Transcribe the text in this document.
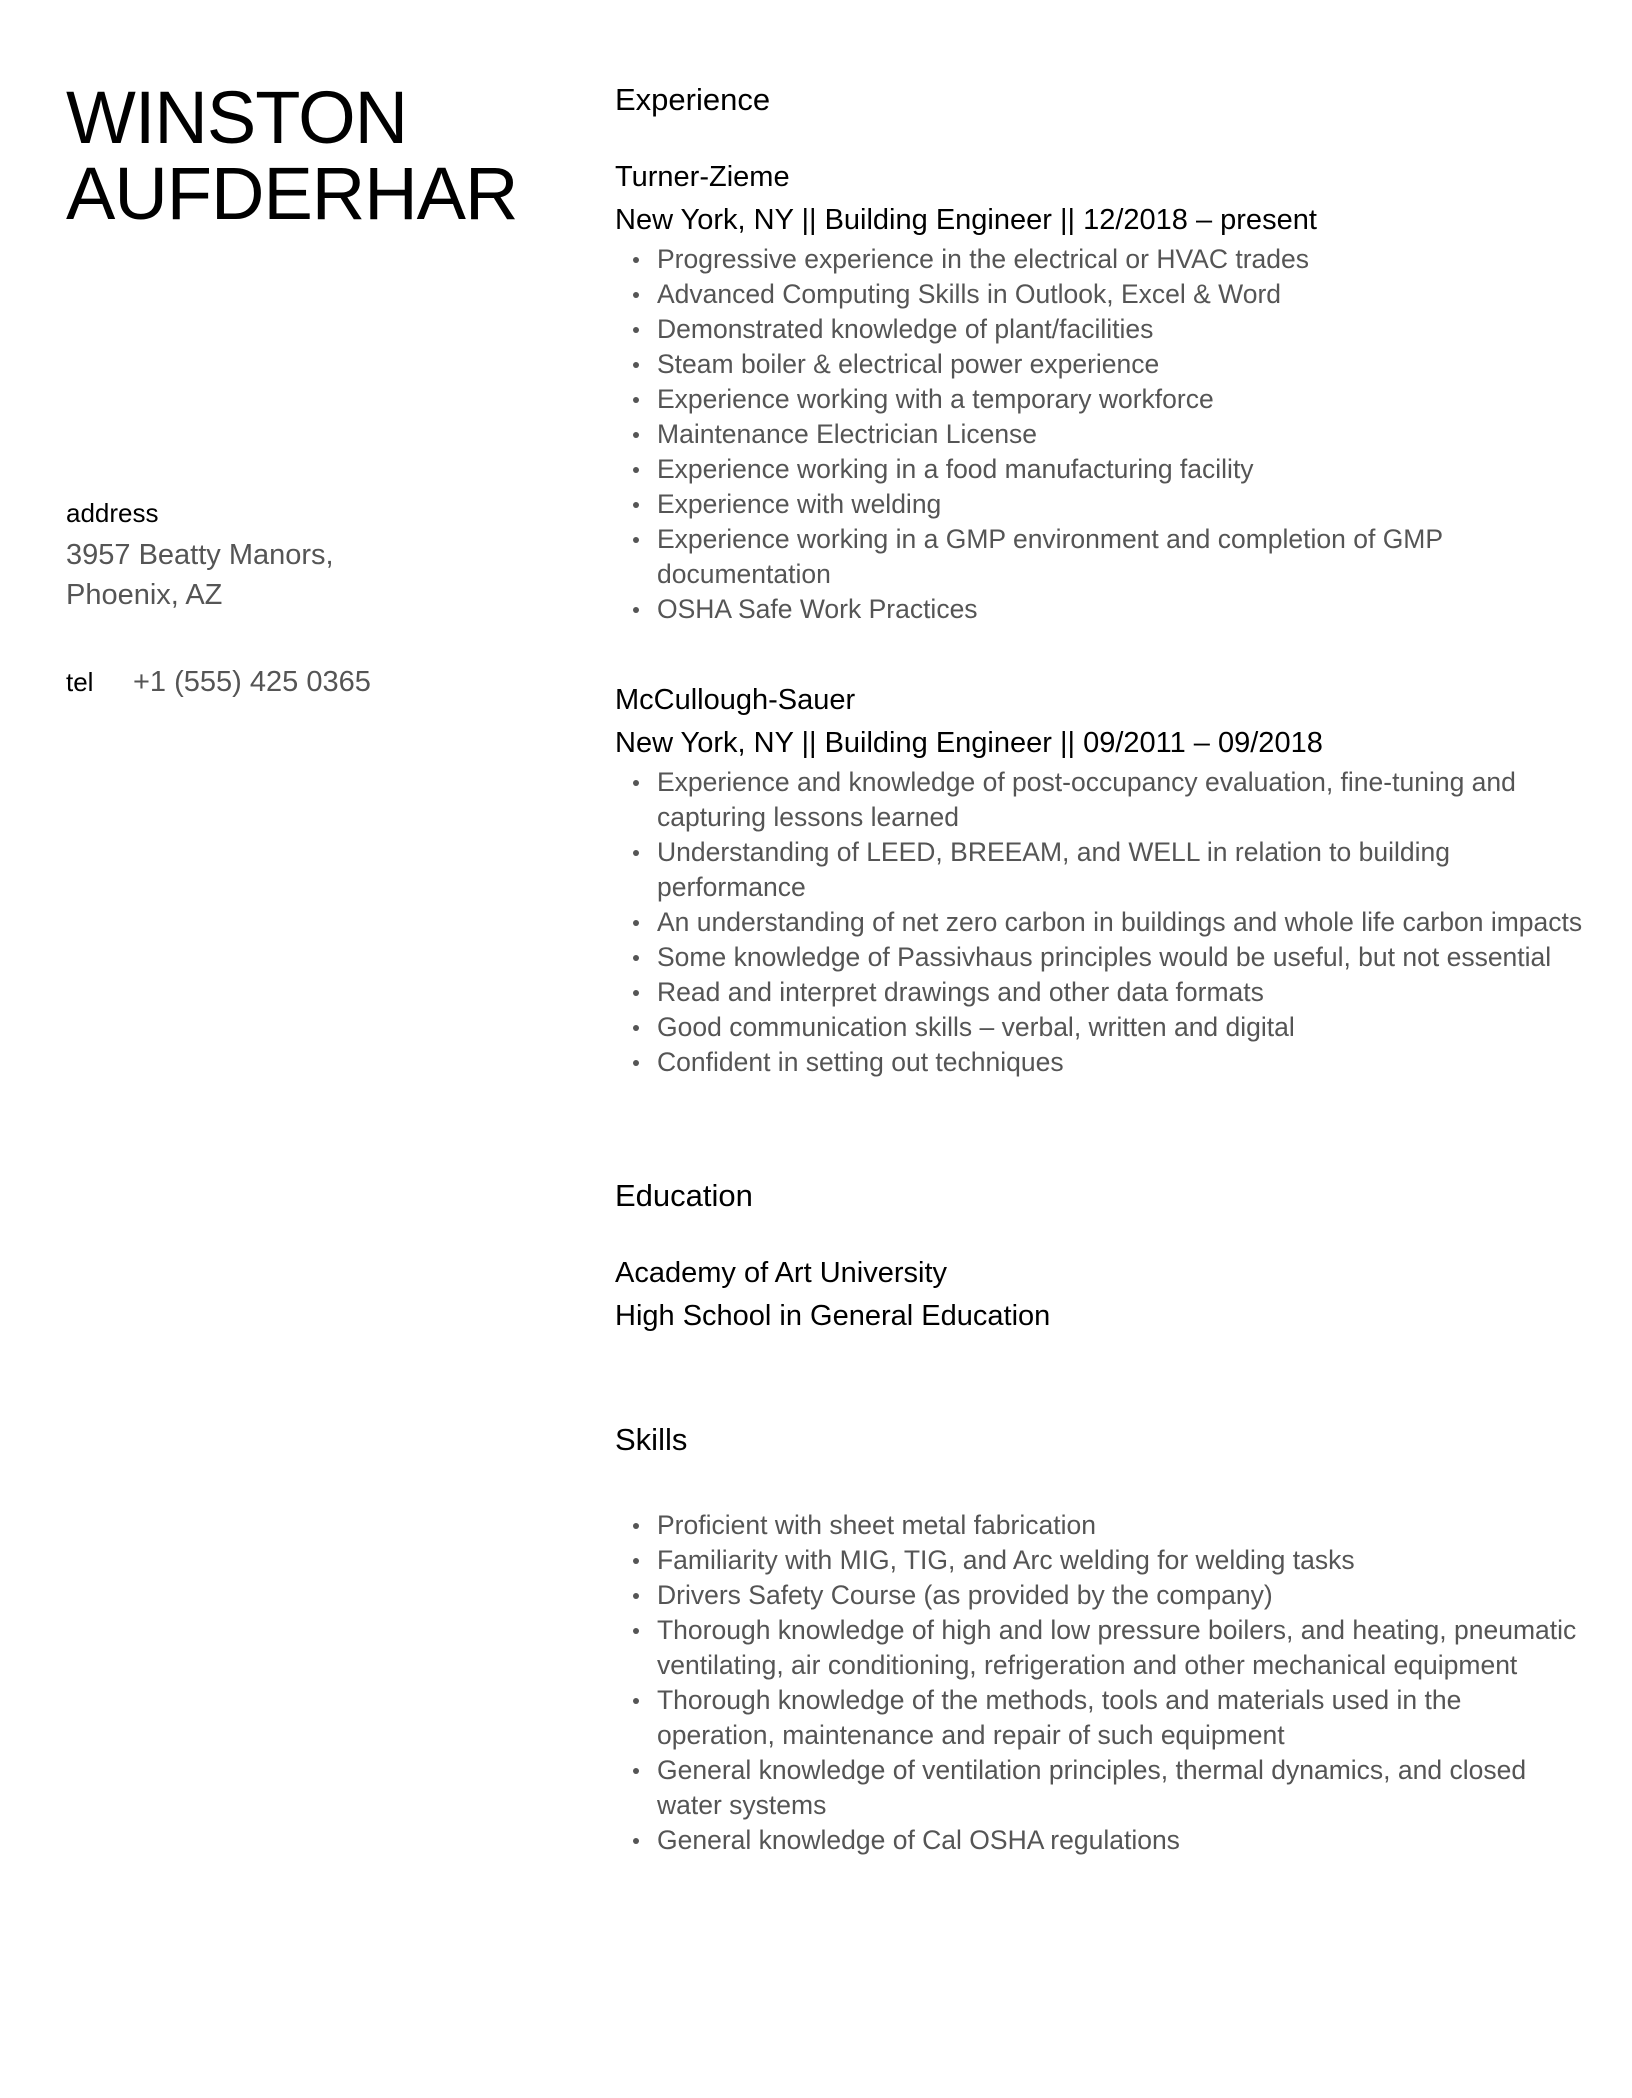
WINSTON
AUFDERHAR

address

3957 Beatty Manors,

Phoenix, AZ

tel	+1 (555) 425 0365
Experience

Turner-Zieme

New York, NY || Building Engineer || 12/2018 – present

Progressive experience in the electrical or HVAC trades
Advanced Computing Skills in Outlook, Excel & Word
Demonstrated knowledge of plant/facilities
Steam boiler & electrical power experience
Experience working with a temporary workforce
Maintenance Electrician License
Experience working in a food manufacturing facility
Experience with welding
Experience working in a GMP environment and completion of GMP documentation
OSHA Safe Work Practices

McCullough-Sauer

New York, NY || Building Engineer || 09/2011 – 09/2018

Experience and knowledge of post-occupancy evaluation, fine-tuning and capturing lessons learned
Understanding of LEED, BREEAM, and WELL in relation to building performance
An understanding of net zero carbon in buildings and whole life carbon impacts
Some knowledge of Passivhaus principles would be useful, but not essential
Read and interpret drawings and other data formats
Good communication skills – verbal, written and digital
Confident in setting out techniques
Education

Academy of Art University

High School in General Education

Skills
Proficient with sheet metal fabrication
Familiarity with MIG, TIG, and Arc welding for welding tasks
Drivers Safety Course (as provided by the company)
Thorough knowledge of high and low pressure boilers, and heating, pneumatic ventilating, air conditioning, refrigeration and other mechanical equipment
Thorough knowledge of the methods, tools and materials used in the operation, maintenance and repair of such equipment
General knowledge of ventilation principles, thermal dynamics, and closed water systems
General knowledge of Cal OSHA regulations
